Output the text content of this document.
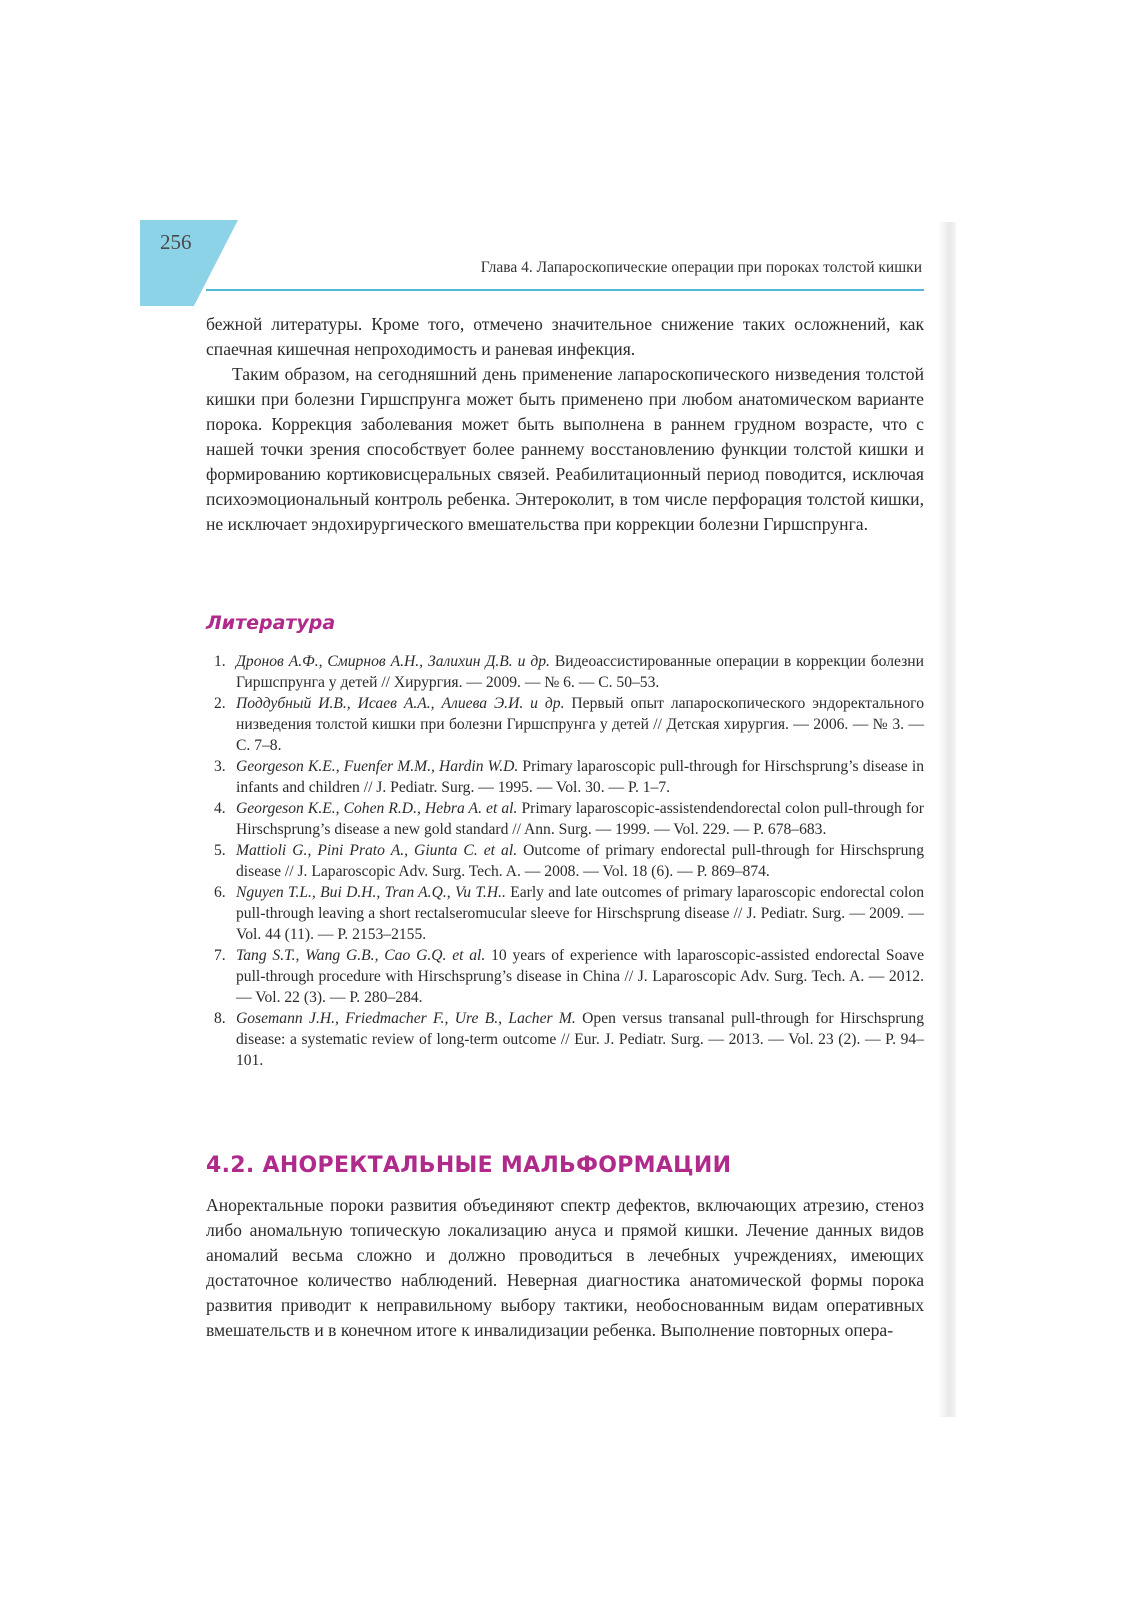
256
Глава 4. Лапароскопические операции при пороках толстой кишки

бежной литературы. Кроме того, отмечено значительное снижение таких осложнений, как спаечная кишечная непроходимость и раневая инфекция.

Таким образом, на сегодняшний день применение лапароскопического низведения толстой кишки при болезни Гиршспрунга может быть применено при любом анатомическом варианте порока. Коррекция заболевания может быть выполнена в раннем грудном возрасте, что с нашей точки зрения способствует более раннему восстановлению функции толстой кишки и формированию кортиковисцеральных связей. Реабилитационный период поводится, исключая психоэмоциональный контроль ребенка. Энтероколит, в том числе перфорация толстой кишки, не исключает эндохирургического вмешательства при коррекции болезни Гиршспрунга.

Литература
1. Дронов А.Ф., Смирнов А.Н., Залихин Д.В. и др. Видеоассистированные операции в коррекции болезни Гиршспрунга у детей // Хирургия. — 2009. — № 6. — С. 50–53.
2. Поддубный И.В., Исаев А.А., Алиева Э.И. и др. Первый опыт лапароскопического эндоректального низведения толстой кишки при болезни Гиршспрунга у детей // Детская хирургия. — 2006. — № 3. — С. 7–8.
3. Georgeson K.E., Fuenfer M.M., Hardin W.D. Primary laparoscopic pull-through for Hirschsprung’s disease in infants and children // J. Pediatr. Surg. — 1995. — Vol. 30. — P. 1–7.
4. Georgeson K.E., Cohen R.D., Hebra A. et al. Primary laparoscopic-assistendendorectal colon pull-through for Hirschsprung’s disease a new gold standard // Ann. Surg. — 1999. — Vol. 229. — P. 678–683.
5. Mattioli G., Pini Prato A., Giunta C. et al. Outcome of primary endorectal pull-through for Hirschsprung disease // J. Laparoscopic Adv. Surg. Tech. A. — 2008. — Vol. 18 (6). — P. 869–874.
6. Nguyen T.L., Bui D.H., Tran A.Q., Vu T.H.. Early and late outcomes of primary laparoscopic endorectal colon pull-through leaving a short rectalseromucular sleeve for Hirschsprung disease // J. Pediatr. Surg. — 2009. — Vol. 44 (11). — P. 2153–2155.
7. Tang S.T., Wang G.B., Cao G.Q. et al. 10 years of experience with laparoscopic-assisted endorectal Soave pull-through procedure with Hirschsprung’s disease in China // J. Laparoscopic Adv. Surg. Tech. A. — 2012. — Vol. 22 (3). — P. 280–284.
8. Gosemann J.H., Friedmacher F., Ure B., Lacher M. Open versus transanal pull-through for Hirschsprung disease: a systematic review of long-term outcome // Eur. J. Pediatr. Surg. — 2013. — Vol. 23 (2). — P. 94–101.
4.2. АНОРЕКТАЛЬНЫЕ МАЛЬФОРМАЦИИ

Аноректальные пороки развития объединяют спектр дефектов, включающих атрезию, стеноз либо аномальную топическую локализацию ануса и прямой кишки. Лечение данных видов аномалий весьма сложно и должно проводиться в лечебных учреждениях, имеющих достаточное количество наблюдений. Неверная диагностика анатомической формы порока развития приводит к неправильному выбору тактики, необоснованным видам оперативных вмешательств и в конечном итоге к инвалидизации ребенка. Выполнение повторных опера-
